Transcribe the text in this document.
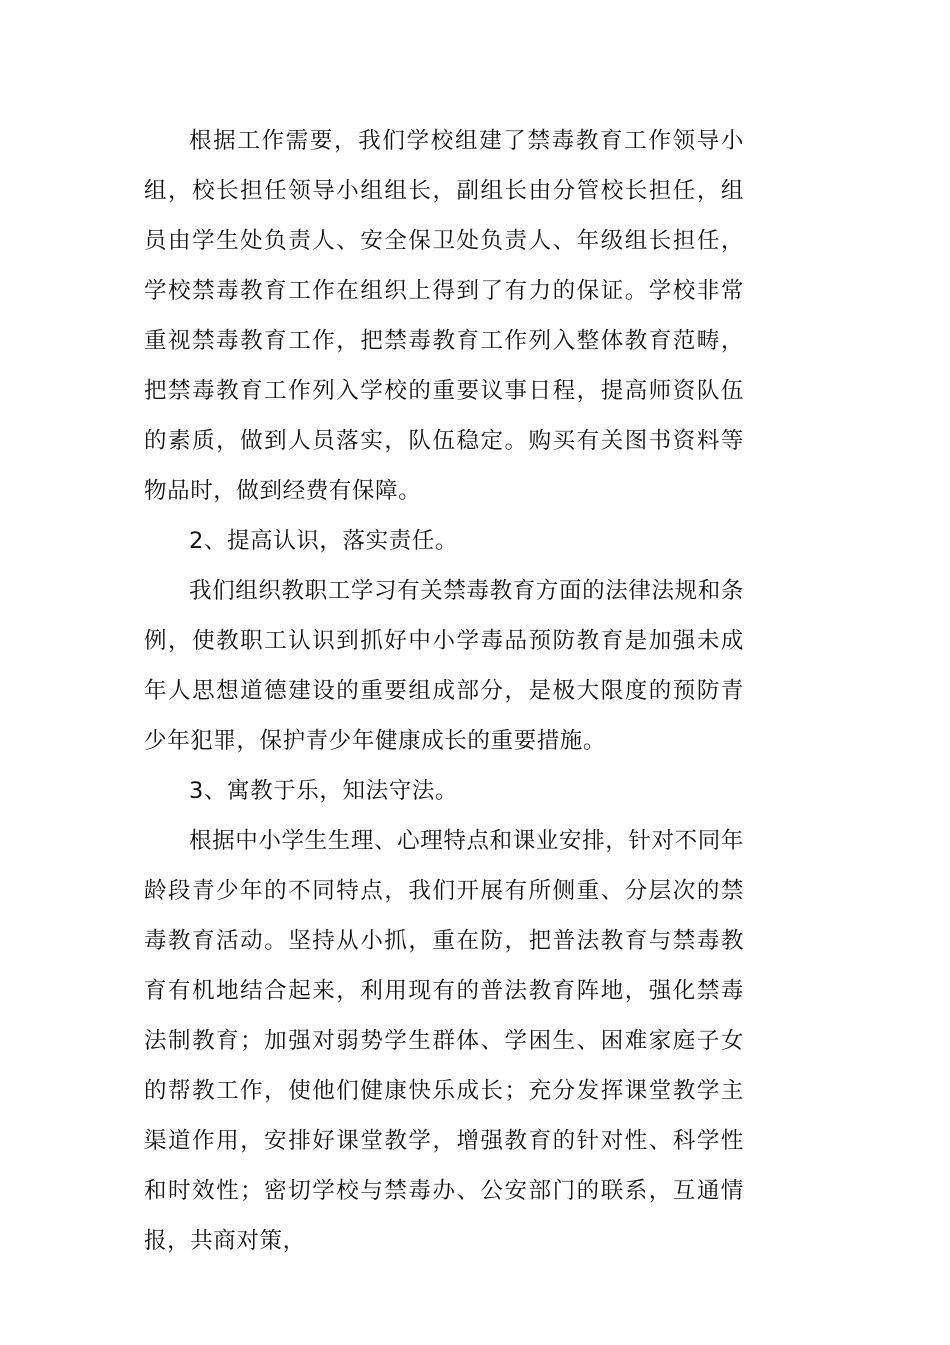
根据工作需要，我们学校组建了禁毒教育工作领导小组，校长担任领导小组组长，副组长由分管校长担任，组员由学生处负责人、安全保卫处负责人、年级组长担任，学校禁毒教育工作在组织上得到了有力的保证。学校非常重视禁毒教育工作，把禁毒教育工作列入整体教育范畴，把禁毒教育工作列入学校的重要议事日程，提高师资队伍的素质，做到人员落实，队伍稳定。购买有关图书资料等物品时，做到经费有保障。

2、提高认识，落实责任。

我们组织教职工学习有关禁毒教育方面的法律法规和条例，使教职工认识到抓好中小学毒品预防教育是加强未成年人思想道德建设的重要组成部分，是极大限度的预防青少年犯罪，保护青少年健康成长的重要措施。

3、寓教于乐，知法守法。

根据中小学生生理、心理特点和课业安排，针对不同年龄段青少年的不同特点，我们开展有所侧重、分层次的禁毒教育活动。坚持从小抓，重在防，把普法教育与禁毒教育有机地结合起来，利用现有的普法教育阵地，强化禁毒法制教育；加强对弱势学生群体、学困生、困难家庭子女的帮教工作，使他们健康快乐成长；充分发挥课堂教学主渠道作用，安排好课堂教学，增强教育的针对性、科学性和时效性；密切学校与禁毒办、公安部门的联系，互通情报，共商对策，
